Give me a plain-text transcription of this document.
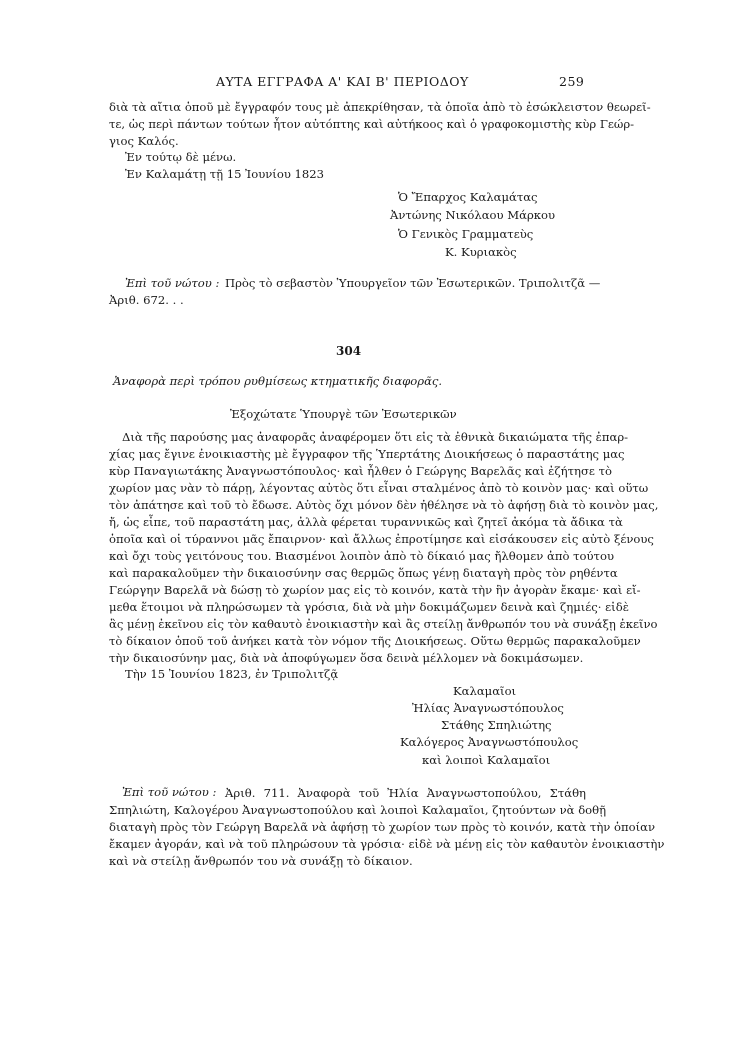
ΑΥΤΑ ΕΓΓΡΑΦΑ Α' ΚΑΙ Β' ΠΕΡΙΟΔΟΥ	259
διὰ τὰ αἴτια ὁποῦ μὲ ἔγγραφόν τους μὲ ἀπεκρίθησαν, τὰ ὁποῖα ἀπὸ τὸ ἐσώκλειστον θεωρεῖ-
τε, ὡς περὶ πάντων τούτων ἦτον αὐτόπτης καὶ αὐτήκοος καὶ ὁ γραφοκομιστὴς κὺρ Γεώρ-
γιος Καλός.
Ἐν τούτῳ δὲ μένω.
Ἐν Καλαμάτῃ τῇ 15 Ἰουνίου 1823
Ὁ Ἔπαρχος Καλαμάτας
Ἀντώνης Νικόλαου Μάρκου
Ὁ Γενικὸς Γραμματεὺς
Κ. Κυριακὸς
Ἐπὶ τοῦ νώτου : Πρὸς τὸ σεβαστὸν Ὑπουργεῖον τῶν Ἐσωτερικῶν. Τριπολιτζᾶ —
Ἀριθ. 672. . .
304
Ἀναφορὰ περὶ τρόπου ρυθμίσεως κτηματικῆς διαφορᾶς.
Ἐξοχώτατε Ὑπουργὲ τῶν Ἐσωτερικῶν
Διὰ τῆς παρούσης μας ἀναφορᾶς ἀναφέρομεν ὅτι εἰς τὰ ἐθνικὰ δικαιώματα τῆς ἐπαρ-
χίας μας ἔγινε ἐνοικιαστὴς μὲ ἔγγραφον τῆς Ὑπερτάτης Διοικήσεως ὁ παραστάτης μας
κὺρ Παναγιωτάκης Ἀναγνωστόπουλος· καὶ ἦλθεν ὁ Γεώργης Βαρελᾶς καὶ ἐζήτησε τὸ
χωρίον μας νὰν τὸ πάρῃ, λέγοντας αὐτὸς ὅτι εἶναι σταλμένος ἀπὸ τὸ κοινὸν μας· καὶ οὕτω
τὸν ἀπάτησε καὶ τοῦ τὸ ἔδωσε. Αὐτὸς ὄχι μόνον δὲν ἠθέλησε νὰ τὸ ἀφήσῃ διὰ τὸ κοινὸν μας,
ἤ, ὡς εἶπε, τοῦ παραστάτη μας, ἀλλὰ φέρεται τυραννικῶς καὶ ζητεῖ ἀκόμα τὰ ἄδικα τὰ
ὁποῖα καὶ οἱ τύραννοι μᾶς ἔπαιρνον· καὶ ἄλλως ἐπροτίμησε καὶ εἰσάκουσεν εἰς αὐτὸ ξένους
καὶ ὄχι τοὺς γειτόνους του. Βιασμένοι λοιπὸν ἀπὸ τὸ δίκαιό μας ἤλθομεν ἀπὸ τούτου
καὶ παρακαλοῦμεν τὴν δικαιοσύνην σας θερμῶς ὅπως γένῃ διαταγὴ πρὸς τὸν ρηθέντα
Γεώργην Βαρελᾶ νὰ δώσῃ τὸ χωρίον μας εἰς τὸ κοινόν, κατὰ τὴν ἣν ἀγορὰν ἔκαμε· καὶ εἴ-
μεθα ἕτοιμοι νὰ πληρώσωμεν τὰ γρόσια, διὰ νὰ μὴν δοκιμάζωμεν δεινὰ καὶ ζημιές· εἰδὲ
ἂς μένῃ ἐκεῖνου εἰς τὸν καθαυτὸ ἐνοικιαστὴν καὶ ἂς στείλῃ ἄνθρωπόν του νὰ συνάξῃ ἐκεῖνο
τὸ δίκαιον ὁποῦ τοῦ ἀνήκει κατὰ τὸν νόμον τῆς Διοικήσεως. Οὕτω θερμῶς παρακαλοῦμεν
τὴν δικαιοσύνην μας, διὰ νὰ ἀποφύγωμεν ὅσα δεινὰ μέλλομεν νὰ δοκιμάσωμεν.
Τὴν 15 Ἰουνίου 1823, ἐν Τριπολιτζᾷ
Καλαμαῖοι
Ἠλίας Ἀναγνωστόπουλος
Στάθης Σπηλιώτης
Καλόγερος Ἀναγνωστόπουλος
καὶ λοιποὶ Καλαμαῖοι
Ἐπὶ τοῦ νώτου : Ἀριθ. 711. Ἀναφορὰ τοῦ Ἠλία Ἀναγνωστοπούλου, Στάθη
Σπηλιώτη, Καλογέρου Ἀναγνωστοπούλου καὶ λοιποὶ Καλαμαῖοι, ζητούντων νὰ δοθῇ
διαταγὴ πρὸς τὸν Γεώργη Βαρελᾶ νὰ ἀφήσῃ τὸ χωρίον των πρὸς τὸ κοινόν, κατὰ τὴν ὁποίαν
ἔκαμεν ἀγοράν, καὶ νὰ τοῦ πληρώσουν τὰ γρόσια· εἰδὲ νὰ μένῃ εἰς τὸν καθαυτὸν ἐνοικιαστὴν
καὶ νὰ στείλῃ ἄνθρωπόν του νὰ συνάξῃ τὸ δίκαιον.
